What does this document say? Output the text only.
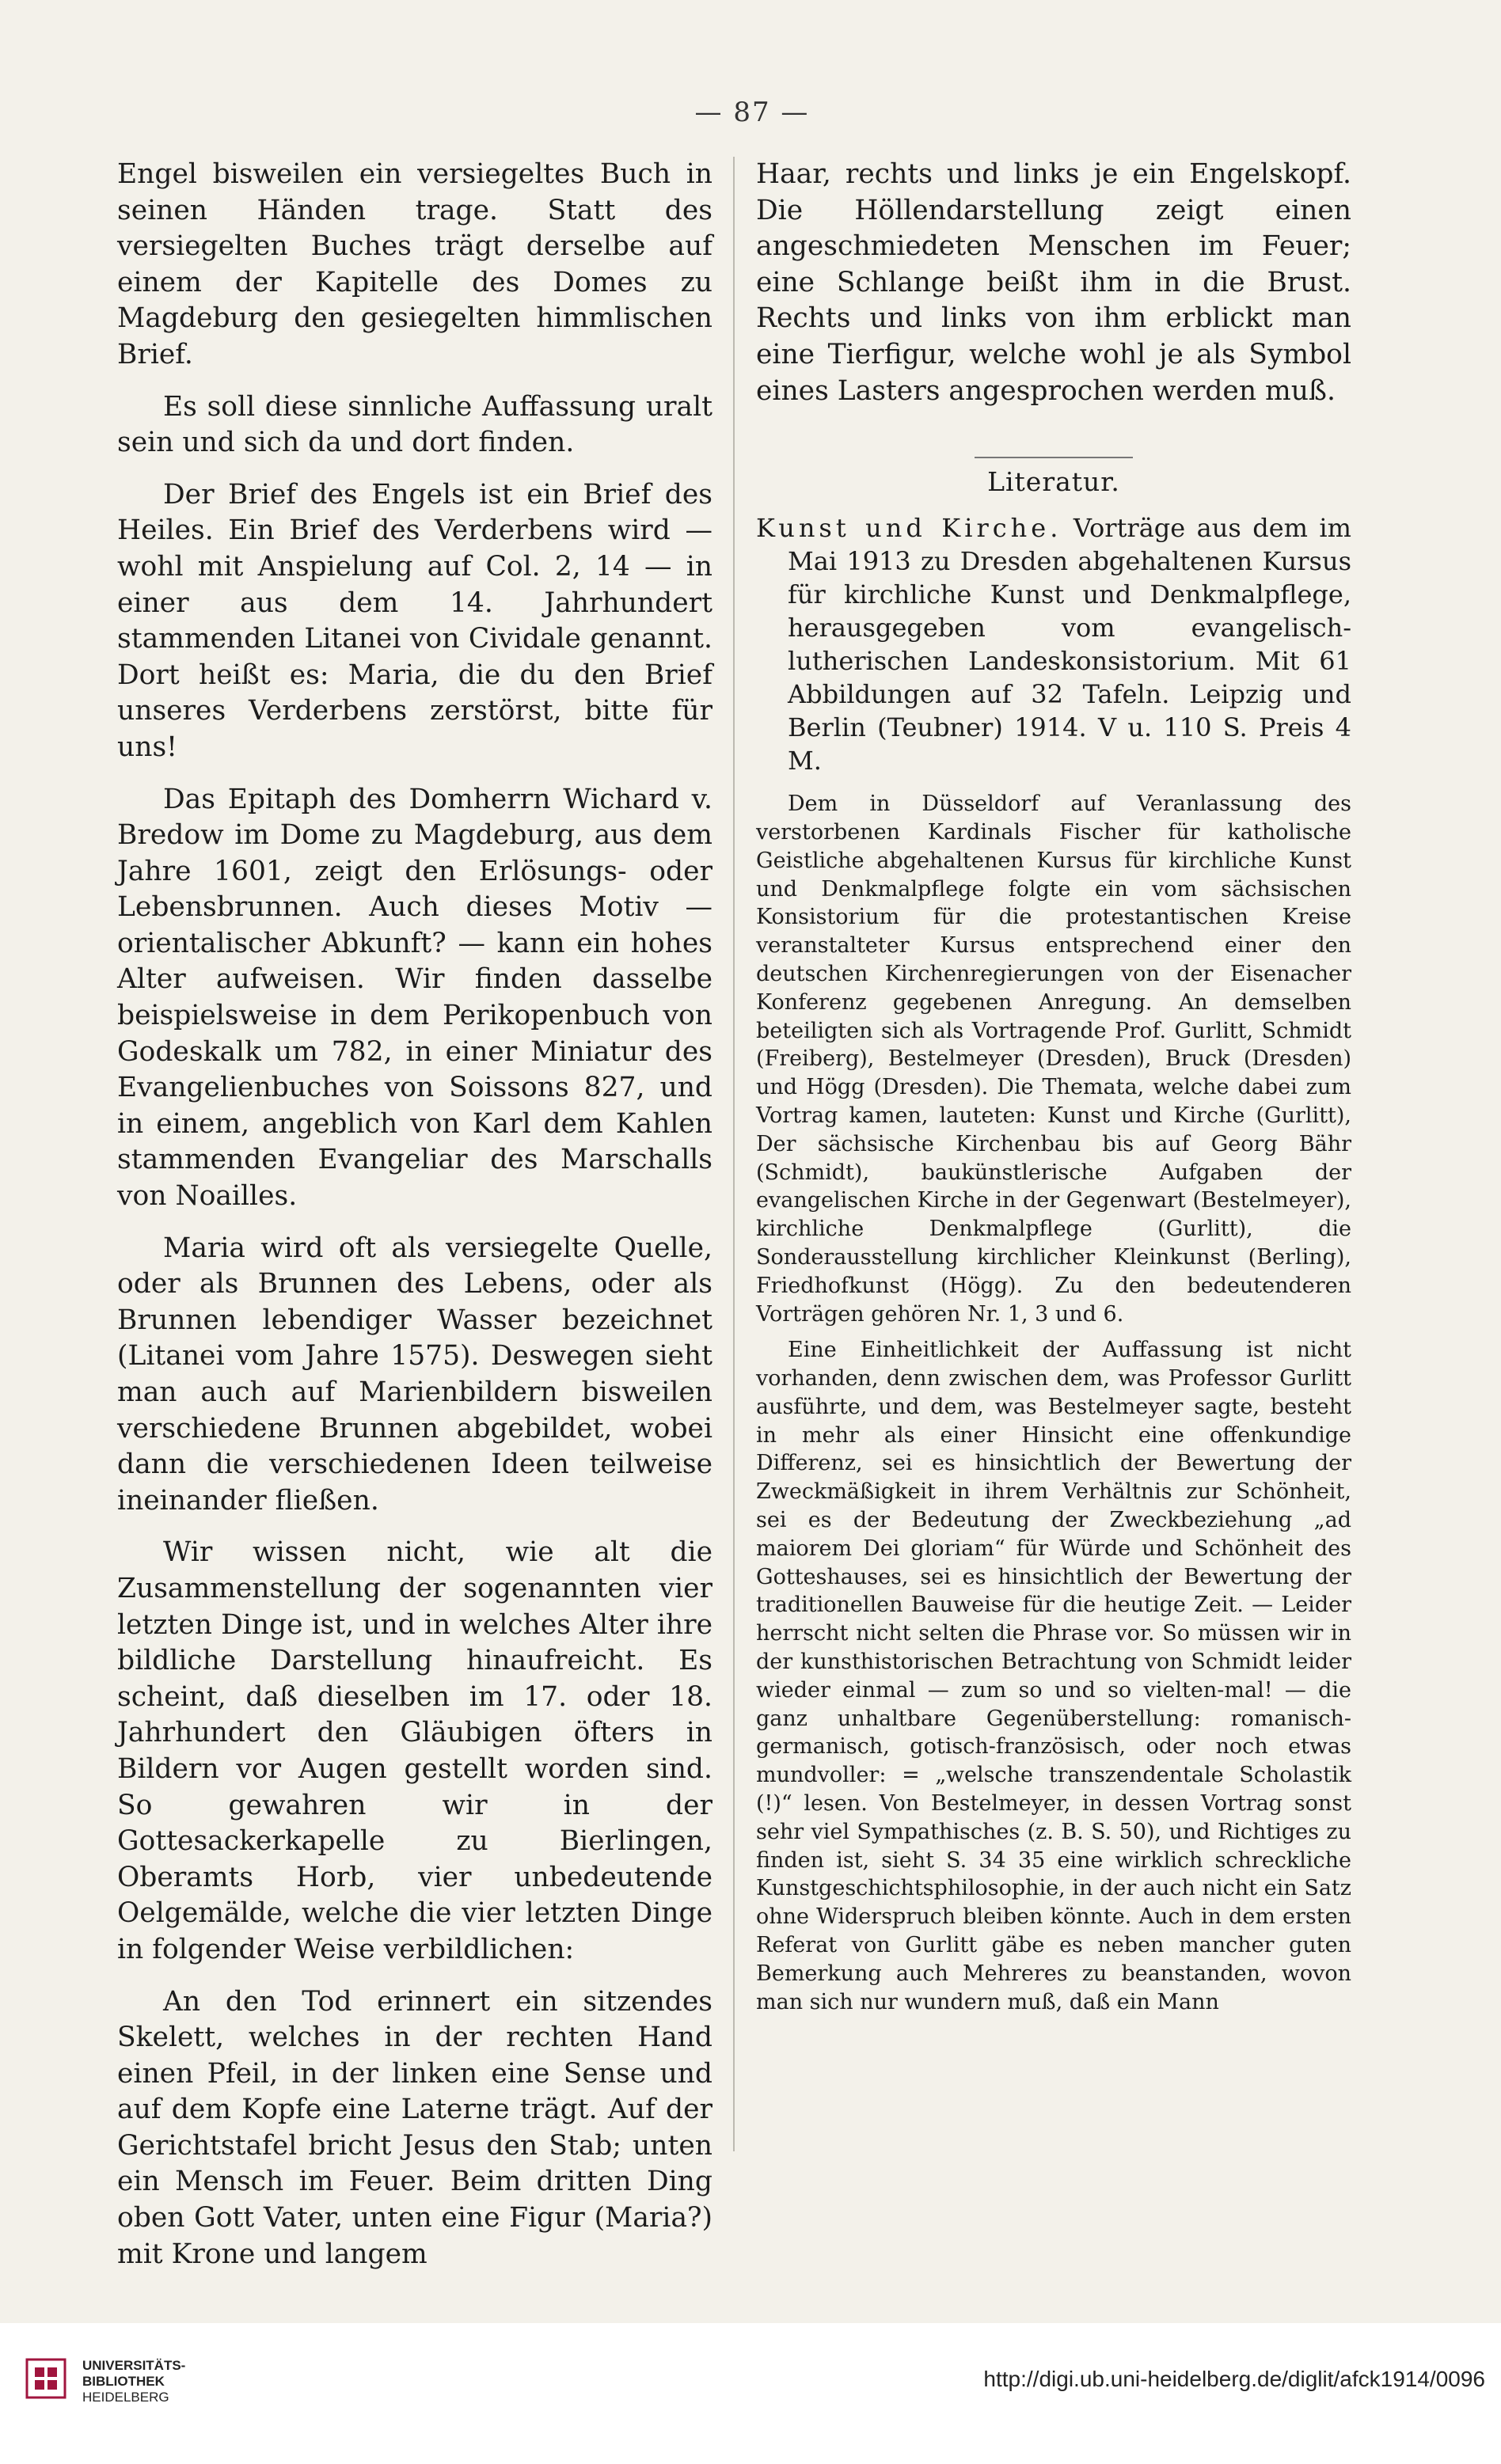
— 87 —

Engel bisweilen ein versiegeltes Buch in seinen Händen trage. Statt des versiegelten Buches trägt derselbe auf einem der Kapitelle des Domes zu Magdeburg den gesiegelten himmlischen Brief.

Es soll diese sinnliche Auffassung uralt sein und sich da und dort finden.

Der Brief des Engels ist ein Brief des Heiles. Ein Brief des Verderbens wird — wohl mit Anspielung auf Col. 2, 14 — in einer aus dem 14. Jahrhundert stammenden Litanei von Cividale genannt. Dort heißt es: Maria, die du den Brief unseres Verderbens zerstörst, bitte für uns!

Das Epitaph des Domherrn Wichard v. Bredow im Dome zu Magdeburg, aus dem Jahre 1601, zeigt den Erlösungs- oder Lebensbrunnen. Auch dieses Motiv — orientalischer Abkunft? — kann ein hohes Alter aufweisen. Wir finden dasselbe beispielsweise in dem Perikopenbuch von Godeskalk um 782, in einer Miniatur des Evangelienbuches von Soissons 827, und in einem, angeblich von Karl dem Kahlen stammenden Evangeliar des Marschalls von Noailles.

Maria wird oft als versiegelte Quelle, oder als Brunnen des Lebens, oder als Brunnen lebendiger Wasser bezeichnet (Litanei vom Jahre 1575). Deswegen sieht man auch auf Marienbildern bisweilen verschiedene Brunnen abgebildet, wobei dann die verschiedenen Ideen teilweise ineinander fließen.

Wir wissen nicht, wie alt die Zusammenstellung der sogenannten vier letzten Dinge ist, und in welches Alter ihre bildliche Darstellung hinaufreicht. Es scheint, daß dieselben im 17. oder 18. Jahrhundert den Gläubigen öfters in Bildern vor Augen gestellt worden sind. So gewahren wir in der Gottesackerkapelle zu Bierlingen, Oberamts Horb, vier unbedeutende Oelgemälde, welche die vier letzten Dinge in folgender Weise verbildlichen:

An den Tod erinnert ein sitzendes Skelett, welches in der rechten Hand einen Pfeil, in der linken eine Sense und auf dem Kopfe eine Laterne trägt. Auf der Gerichtstafel bricht Jesus den Stab; unten ein Mensch im Feuer. Beim dritten Ding oben Gott Vater, unten eine Figur (Maria?) mit Krone und langem

Haar, rechts und links je ein Engelskopf. Die Höllendarstellung zeigt einen angeschmiedeten Menschen im Feuer; eine Schlange beißt ihm in die Brust. Rechts und links von ihm erblickt man eine Tierfigur, welche wohl je als Symbol eines Lasters angesprochen werden muß.

Literatur.
Kunst und Kirche. Vorträge aus dem im Mai 1913 zu Dresden abgehaltenen Kursus für kirchliche Kunst und Denkmalpflege, herausgegeben vom evangelisch-lutherischen Landeskonsistorium. Mit 61 Abbildungen auf 32 Tafeln. Leipzig und Berlin (Teubner) 1914. V u. 110 S. Preis 4 M.

Dem in Düsseldorf auf Veranlassung des verstorbenen Kardinals Fischer für katholische Geistliche abgehaltenen Kursus für kirchliche Kunst und Denkmalpflege folgte ein vom sächsischen Konsistorium für die protestantischen Kreise veranstalteter Kursus entsprechend einer den deutschen Kirchenregierungen von der Eisenacher Konferenz gegebenen Anregung. An demselben beteiligten sich als Vortragende Prof. Gurlitt, Schmidt (Freiberg), Bestelmeyer (Dresden), Bruck (Dresden) und Högg (Dresden). Die Themata, welche dabei zum Vortrag kamen, lauteten: Kunst und Kirche (Gurlitt), Der sächsische Kirchenbau bis auf Georg Bähr (Schmidt), baukünstlerische Aufgaben der evangelischen Kirche in der Gegenwart (Bestelmeyer), kirchliche Denkmalpflege (Gurlitt), die Sonderausstellung kirchlicher Kleinkunst (Berling), Friedhofkunst (Högg). Zu den bedeutenderen Vorträgen gehören Nr. 1, 3 und 6.

Eine Einheitlichkeit der Auffassung ist nicht vorhanden, denn zwischen dem, was Professor Gurlitt ausführte, und dem, was Bestelmeyer sagte, besteht in mehr als einer Hinsicht eine offenkundige Differenz, sei es hinsichtlich der Bewertung der Zweckmäßigkeit in ihrem Verhältnis zur Schönheit, sei es der Bedeutung der Zweckbeziehung „ad maiorem Dei gloriam“ für Würde und Schönheit des Gotteshauses, sei es hinsichtlich der Bewertung der traditionellen Bauweise für die heutige Zeit. — Leider herrscht nicht selten die Phrase vor. So müssen wir in der kunsthistorischen Betrachtung von Schmidt leider wieder einmal — zum so und so vielten-mal! — die ganz unhaltbare Gegenüberstellung: romanisch-germanisch, gotisch-französisch, oder noch etwas mundvoller: = „welsche transzendentale Scholastik (!)“ lesen. Von Bestelmeyer, in dessen Vortrag sonst sehr viel Sympathisches (z. B. S. 50), und Richtiges zu finden ist, sieht S. 34 35 eine wirklich schreckliche Kunstgeschichtsphilosophie, in der auch nicht ein Satz ohne Widerspruch bleiben könnte. Auch in dem ersten Referat von Gurlitt gäbe es neben mancher guten Bemerkung auch Mehreres zu beanstanden, wovon man sich nur wundern muß, daß ein Mann

UNIVERSITÄTS-
BIBLIOTHEK
HEIDELBERG
http://digi.ub.uni-heidelberg.de/diglit/afck1914/0096
